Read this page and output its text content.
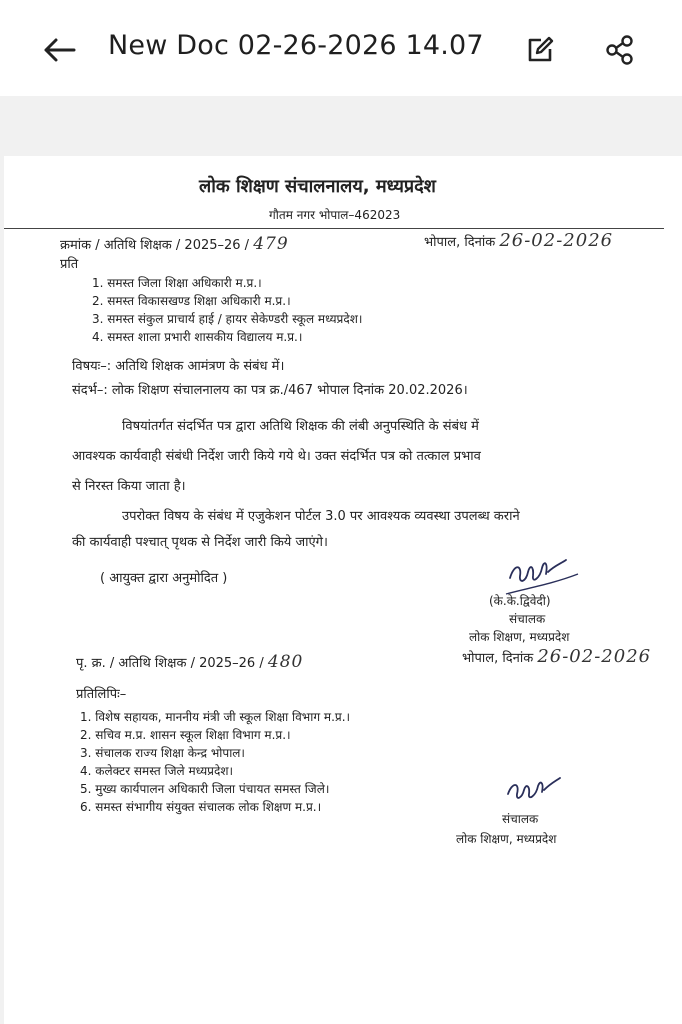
New Doc 02-26-2026 14.07
लोक शिक्षण संचालनालय, मध्यप्रदेश
गौतम नगर भोपाल–462023
क्रमांक / अतिथि शिक्षक / 2025–26 / 479	भोपाल, दिनांक 26-02-2026
प्रति
1. समस्त जिला शिक्षा अधिकारी म.प्र.।
2. समस्त विकासखण्ड शिक्षा अधिकारी म.प्र.।
3. समस्त संकुल प्राचार्य हाई / हायर सेकेण्डरी स्कूल मध्यप्रदेश।
4. समस्त शाला प्रभारी शासकीय विद्यालय म.प्र.।
विषयः–: अतिथि शिक्षक आमंत्रण के संबंध में।
संदर्भ–: लोक शिक्षण संचालनालय का पत्र क्र./467 भोपाल दिनांक 20.02.2026।
विषयांतर्गत संदर्भित पत्र द्वारा अतिथि शिक्षक की लंबी अनुपस्थिति के संबंध में
आवश्यक कार्यवाही संबंधी निर्देश जारी किये गये थे। उक्त संदर्भित पत्र को तत्काल प्रभाव
से निरस्त किया जाता है।
उपरोक्त विषय के संबंध में एजुकेशन पोर्टल 3.0 पर आवश्यक व्यवस्था उपलब्ध कराने
की कार्यवाही पश्चात् पृथक से निर्देश जारी किये जाएंगे।
( आयुक्त द्वारा अनुमोदित )
(के.के.द्विवेदी)
संचालक
लोक शिक्षण, मध्यप्रदेश
पृ. क्र. / अतिथि शिक्षक / 2025–26 / 480	भोपाल, दिनांक 26-02-2026
प्रतिलिपिः–
1. विशेष सहायक, माननीय मंत्री जी स्कूल शिक्षा विभाग म.प्र.।
2. सचिव म.प्र. शासन स्कूल शिक्षा विभाग म.प्र.।
3. संचालक राज्य शिक्षा केन्द्र भोपाल।
4. कलेक्टर समस्त जिले मध्यप्रदेश।
5. मुख्य कार्यपालन अधिकारी जिला पंचायत समस्त जिले।
6. समस्त संभागीय संयुक्त संचालक लोक शिक्षण म.प्र.।
संचालक
लोक शिक्षण, मध्यप्रदेश
